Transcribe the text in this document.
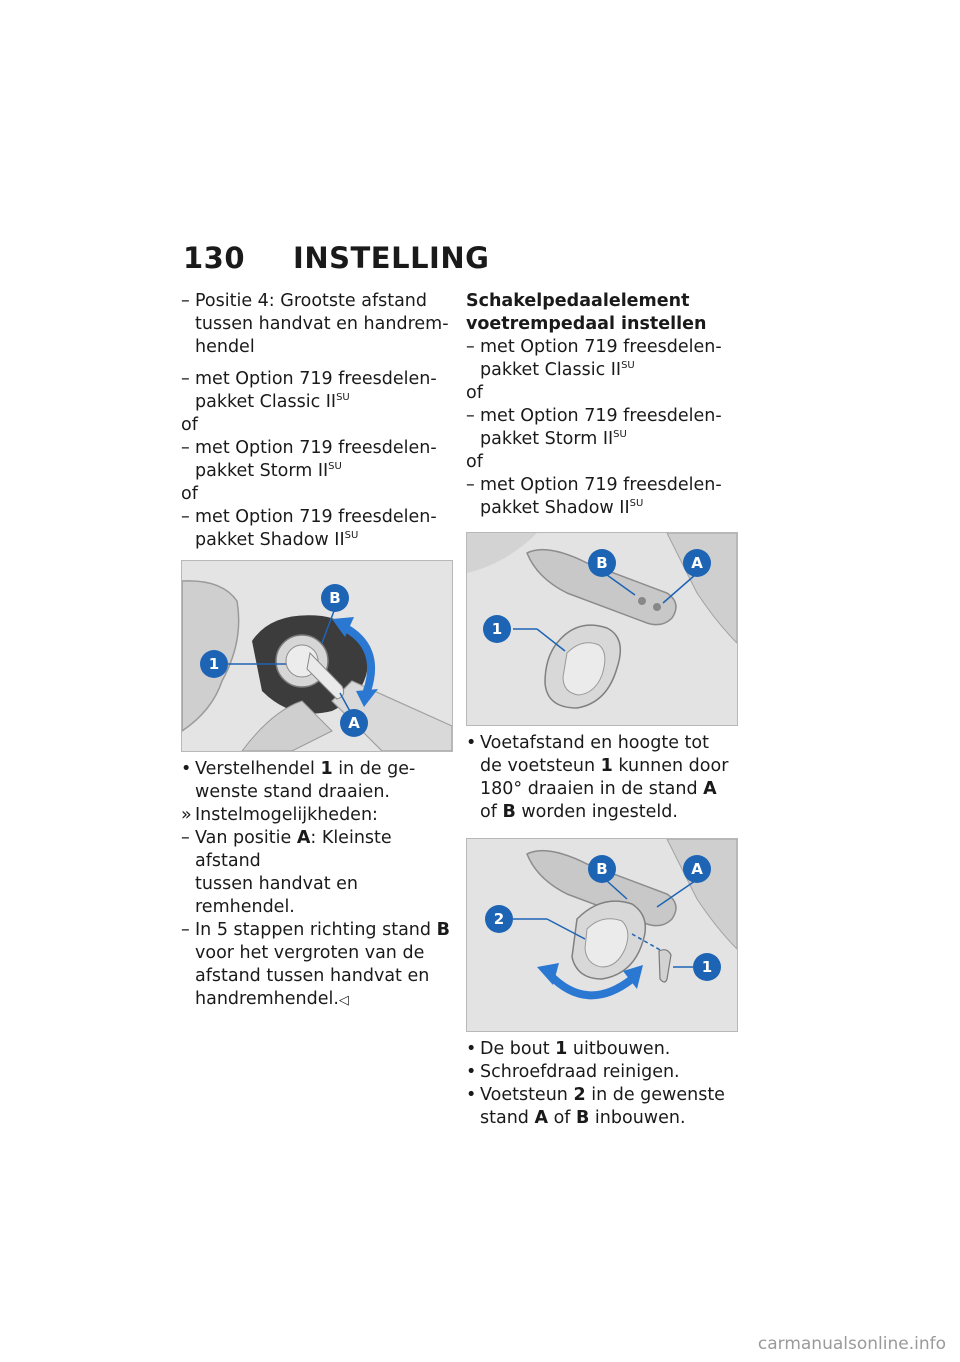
130 INSTELLING
– Positie 4: Grootste afstand
tussen handvat en handrem-
hendel
– met Option 719 freesdelen-
pakket Classic $II^{SU}$
of
– met Option 719 freesdelen-
pakket Storm $II^{SU}$
of
– met Option 719 freesdelen-
pakket Shadow $II^{SU}$
B
1
A
• Verstelhendel 1 in de ge-
wenste stand draaien.
» Instelmogelijkheden:
– Van positie A: Kleinste afstand
tussen handvat en remhendel.
– In 5 stappen richting stand B
voor het vergroten van de
afstand tussen handvat en
handremhendel.◁
Schakelpedaalelement
voetrempedaal instellen
– met Option 719 freesdelen-
pakket Classic $II^{SU}$
of
– met Option 719 freesdelen-
pakket Storm $II^{SU}$
of
– met Option 719 freesdelen-
pakket Shadow $II^{SU}$
B	A
1
• Voetafstand en hoogte tot
de voetsteun 1 kunnen door
180° draaien in de stand A
of B worden ingesteld.
B	A
2
1
• De bout 1 uitbouwen.
• Schroefdraad reinigen.
• Voetsteun 2 in de gewenste
stand A of B inbouwen.
carmanualsonline.info
